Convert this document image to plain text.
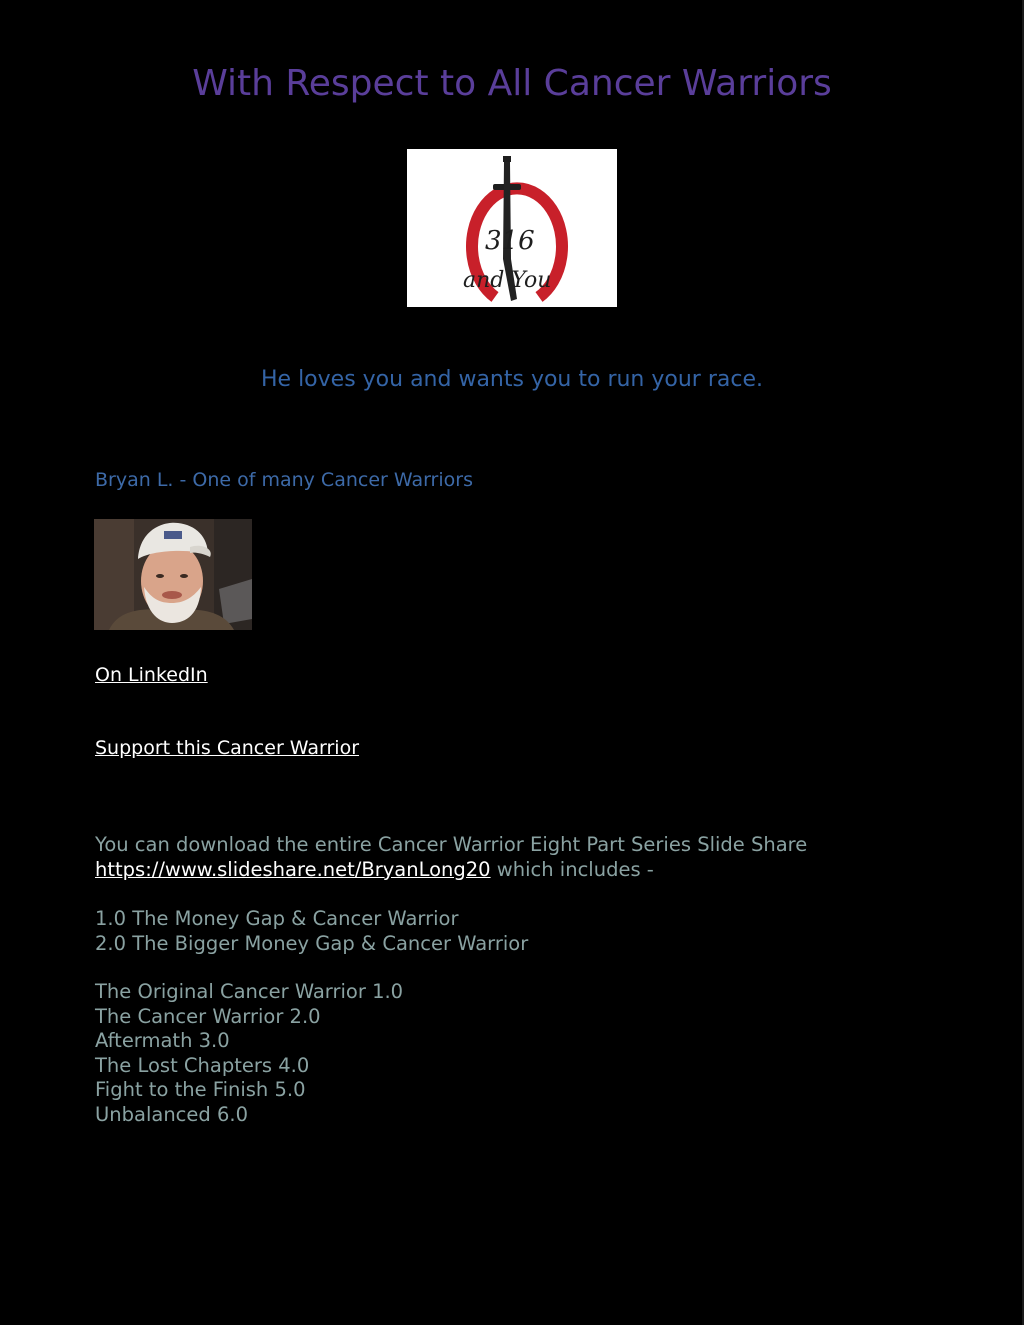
With Respect to All Cancer Warriors
316
and You
He loves you and wants you to run your race.
Bryan L. - One of many Cancer Warriors
On LinkedIn
Support this Cancer Warrior
You can download the entire Cancer Warrior Eight Part Series Slide Share
https://www.slideshare.net/BryanLong20 which includes -
1.0 The Money Gap & Cancer Warrior
2.0 The Bigger Money Gap & Cancer Warrior
The Original Cancer Warrior 1.0
The Cancer Warrior 2.0
Aftermath 3.0
The Lost Chapters 4.0
Fight to the Finish 5.0
Unbalanced 6.0
